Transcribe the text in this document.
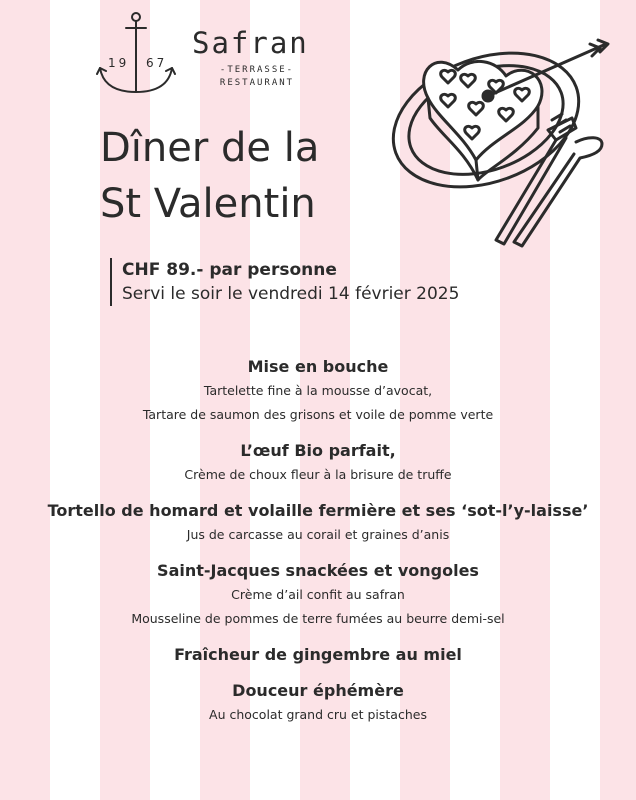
19 67
Safran
-TERRASSE-
RESTAURANT
Dîner de la
St Valentin
CHF 89.- par personne
Servi le soir le vendredi 14 février 2025
Mise en bouche
Tartelette fine à la mousse d’avocat,
Tartare de saumon des grisons et voile de pomme verte
L’œuf Bio parfait,
Crème de choux fleur à la brisure de truffe
Tortello de homard et volaille fermière et ses ‘sot-l’y-laisse’
Jus de carcasse au corail et graines d’anis
Saint-Jacques snackées et vongoles
Crème d’ail confit au safran
Mousseline de pommes de terre fumées au beurre demi-sel
Fraîcheur de gingembre au miel
Douceur éphémère
Au chocolat grand cru et pistaches
